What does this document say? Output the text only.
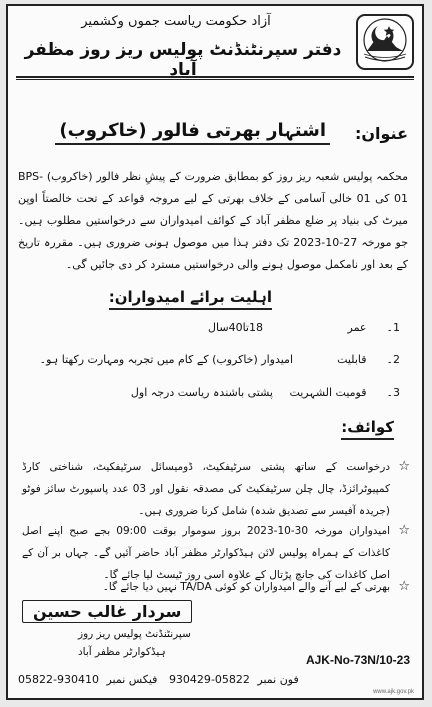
آزاد حکومت ریاست جموں وکشمیر
دفتر سپرنٹنڈنٹ پولیس ریز روز مظفر آباد
عنوان:
اشتہار بھرتی فالور (خاکروب)
محکمہ پولیس شعبہ ریز روز کو بمطابق ضرورت کے پیشِ نظر فالور (خاکروب) BPS-01 کی 01 خالی آسامی کے خلاف بھرتی کے لیے مروجہ قواعد کے تحت خالصتاً اوپن میرٹ کی بنیاد پر ضلع مظفر آباد کے کوائف امیدواران سے درخواستیں مطلوب ہیں۔ جو مورخہ 27-10-2023 تک دفتر ہذا میں موصول ہونی ضروری ہیں۔ مقررہ تاریخ کے بعد اور نامکمل موصول ہونے والی درخواستیں مسترد کر دی جائیں گی۔
اہلیت برائے امیدواران:
1۔ عمر 18تا40سال
2۔ قابلیت امیدوار (خاکروب) کے کام میں تجربہ ومہارت رکھتا ہو۔
3۔ قومیت الشہریت پشتی باشندہ ریاست درجہ اول
کوائف:
☆
درخواست کے ساتھ پشتی سرٹیفکیٹ، ڈومیسائل سرٹیفکیٹ، شناختی کارڈ کمپیوٹرائزڈ، چال چلن سرٹیفکیٹ کی مصدقہ نقول اور 03 عدد پاسپورٹ سائز فوٹو (جریدہ آفیسر سے تصدیق شدہ) شامل کرنا ضروری ہیں۔
☆
امیدواران مورخہ 30-10-2023 بروز سوموار بوقت 09:00 بجے صبح اپنے اصل کاغذات کے ہمراہ پولیس لائن ہیڈکوارٹر مظفر آباد حاضر آئیں گے۔ جہاں بر آن کے اصل کاغذات کی جانچ پڑتال کے علاوہ اسی روز ٹیسٹ لیا جائے گا۔
☆
بھرتی کے لیے آنے والے امیدواران کو کوئی TA/DA نہیں دیا جائے گا۔
سردار غالب حسین
سپرنٹنڈنٹ پولیس ریز روز
ہیڈکوارٹر مظفر آباد
AJK-No-73N/10-23
05822-930410	فون نمبر 05822-930429 فیکس نمبر
www.ajk.gov.pk
